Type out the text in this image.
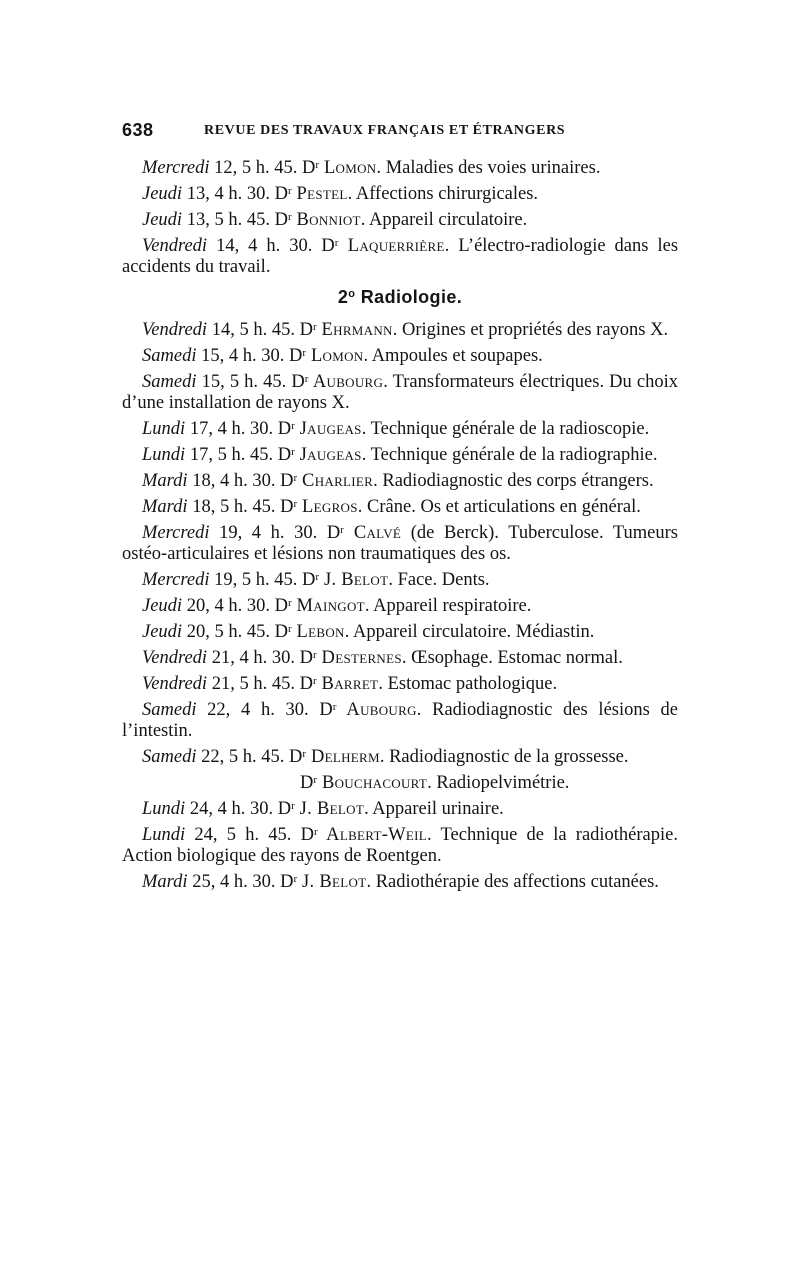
638	REVUE DES TRAVAUX FRANÇAIS ET ÉTRANGERS

Mercredi 12, 5 h. 45. $D^r$ Lomon. Maladies des voies urinaires.

Jeudi 13, 4 h. 30. $D^r$ Pestel. Affections chirurgicales.

Jeudi 13, 5 h. 45. $D^r$ Bonniot. Appareil circulatoire.

Vendredi 14, 4 h. 30. $D^r$ Laquerrière. L’électro-radiologie dans les accidents du travail.

2$^o$ Radiologie.

Vendredi 14, 5 h. 45. $D^r$ Ehrmann. Origines et propriétés des rayons X.

Samedi 15, 4 h. 30. $D^r$ Lomon. Ampoules et soupapes.

Samedi 15, 5 h. 45. $D^r$ Aubourg. Transformateurs électriques. Du choix d’une installation de rayons X.

Lundi 17, 4 h. 30. $D^r$ Jaugeas. Technique générale de la radioscopie.

Lundi 17, 5 h. 45. $D^r$ Jaugeas. Technique générale de la radiographie.

Mardi 18, 4 h. 30. $D^r$ Charlier. Radiodiagnostic des corps étrangers.

Mardi 18, 5 h. 45. $D^r$ Legros. Crâne. Os et articulations en général.

Mercredi 19, 4 h. 30. $D^r$ Calvé (de Berck). Tuberculose. Tumeurs ostéo-articulaires et lésions non traumatiques des os.

Mercredi 19, 5 h. 45. $D^r$ J. Belot. Face. Dents.

Jeudi 20, 4 h. 30. $D^r$ Maingot. Appareil respiratoire.

Jeudi 20, 5 h. 45. $D^r$ Lebon. Appareil circulatoire. Médiastin.

Vendredi 21, 4 h. 30. $D^r$ Desternes. Œsophage. Estomac normal.

Vendredi 21, 5 h. 45. $D^r$ Barret. Estomac pathologique.

Samedi 22, 4 h. 30. $D^r$ Aubourg. Radiodiagnostic des lésions de l’intestin.

Samedi 22, 5 h. 45. $D^r$ Delherm. Radiodiagnostic de la grossesse.

$D^r$ Bouchacourt. Radiopelvimétrie.

Lundi 24, 4 h. 30. $D^r$ J. Belot. Appareil urinaire.

Lundi 24, 5 h. 45. $D^r$ Albert-Weil. Technique de la radiothérapie. Action biologique des rayons de Roentgen.

Mardi 25, 4 h. 30. $D^r$ J. Belot. Radiothérapie des affections cutanées.
